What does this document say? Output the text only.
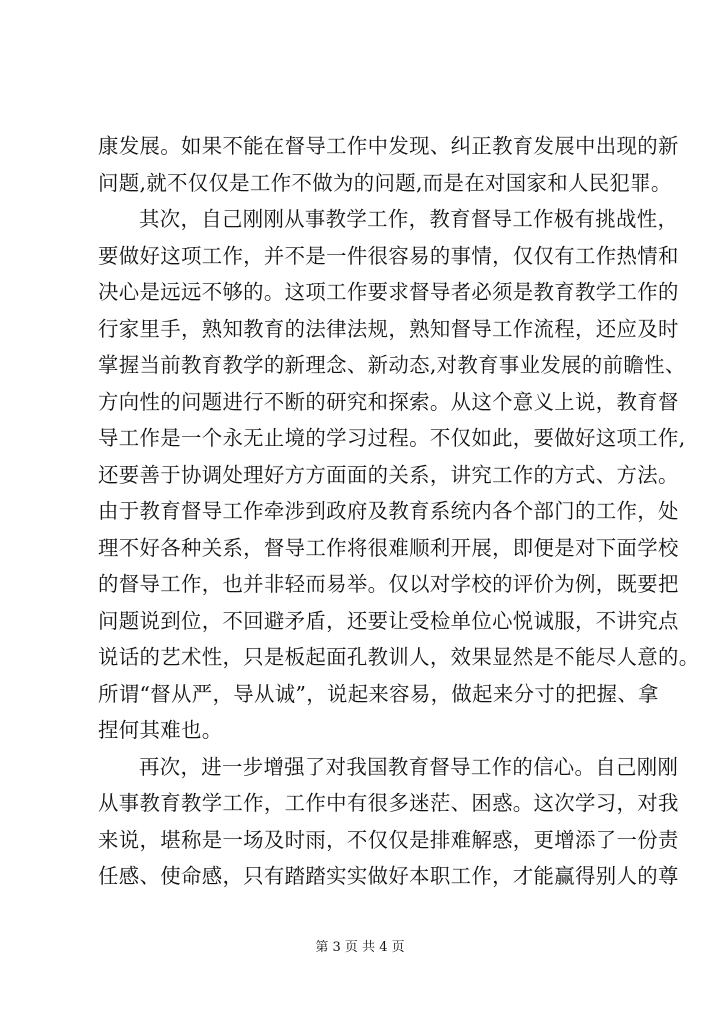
康发展。如果不能在督导工作中发现、纠正教育发展中出现的新
问题,就不仅仅是工作不做为的问题,而是在对国家和人民犯罪。
其次，自己刚刚从事教学工作，教育督导工作极有挑战性，
要做好这项工作，并不是一件很容易的事情，仅仅有工作热情和
决心是远远不够的。这项工作要求督导者必须是教育教学工作的
行家里手，熟知教育的法律法规，熟知督导工作流程，还应及时
掌握当前教育教学的新理念、新动态,对教育事业发展的前瞻性、
方向性的问题进行不断的研究和探索。从这个意义上说，教育督
导工作是一个永无止境的学习过程。不仅如此，要做好这项工作,
还要善于协调处理好方方面面的关系，讲究工作的方式、方法。
由于教育督导工作牵涉到政府及教育系统内各个部门的工作，处
理不好各种关系，督导工作将很难顺利开展，即便是对下面学校
的督导工作，也并非轻而易举。仅以对学校的评价为例，既要把
问题说到位，不回避矛盾，还要让受检单位心悦诚服，不讲究点
说话的艺术性，只是板起面孔教训人，效果显然是不能尽人意的。
所谓“督从严，导从诚”，说起来容易，做起来分寸的把握、拿
捏何其难也。
再次，进一步增强了对我国教育督导工作的信心。自己刚刚
从事教育教学工作，工作中有很多迷茫、困惑。这次学习，对我
来说，堪称是一场及时雨，不仅仅是排难解惑，更增添了一份责
任感、使命感，只有踏踏实实做好本职工作，才能赢得别人的尊
第 3 页 共 4 页
